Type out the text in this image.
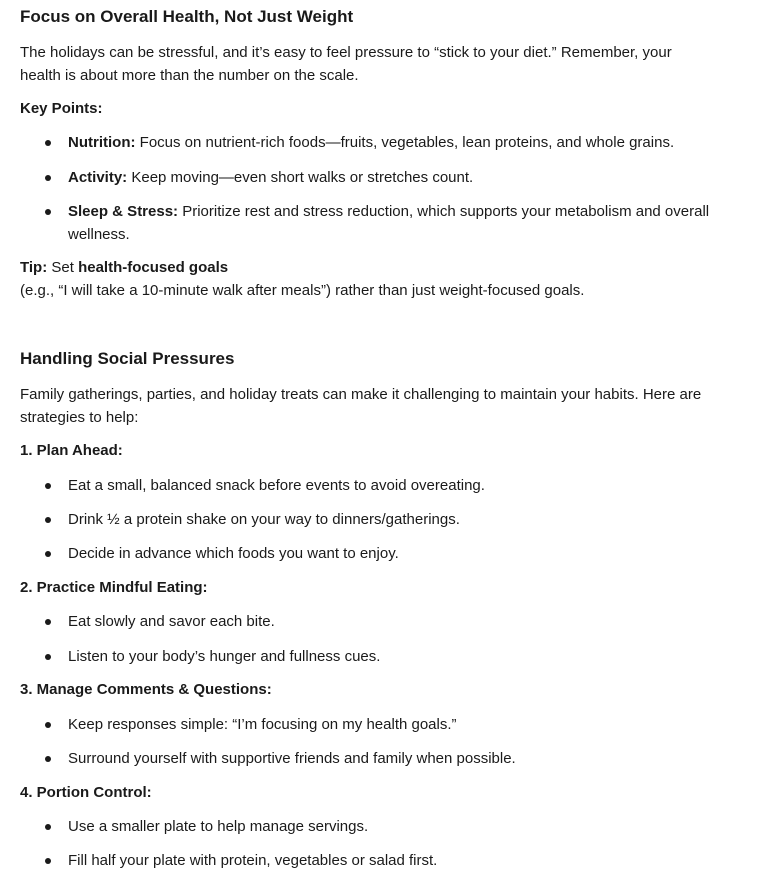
Focus on Overall Health, Not Just Weight

The holidays can be stressful, and it’s easy to feel pressure to “stick to your diet.” Remember, your

health is about more than the number on the scale.

Key Points:

Nutrition: Focus on nutrient-rich foods—fruits, vegetables, lean proteins, and whole grains.

Activity: Keep moving—even short walks or stretches count.

Sleep & Stress: Prioritize rest and stress reduction, which supports your metabolism and overall

wellness.

Tip: Set health-focused goals

(e.g., “I will take a 10-minute walk after meals”) rather than just weight-focused goals.

Handling Social Pressures

Family gatherings, parties, and holiday treats can make it challenging to maintain your habits. Here are

strategies to help:

1. Plan Ahead:

Eat a small, balanced snack before events to avoid overeating.

Drink ½ a protein shake on your way to dinners/gatherings.

Decide in advance which foods you want to enjoy.

2. Practice Mindful Eating:

Eat slowly and savor each bite.

Listen to your body’s hunger and fullness cues.

3. Manage Comments & Questions:

Keep responses simple: “I’m focusing on my health goals.”

Surround yourself with supportive friends and family when possible.

4. Portion Control:

Use a smaller plate to help manage servings.

Fill half your plate with protein, vegetables or salad first.
